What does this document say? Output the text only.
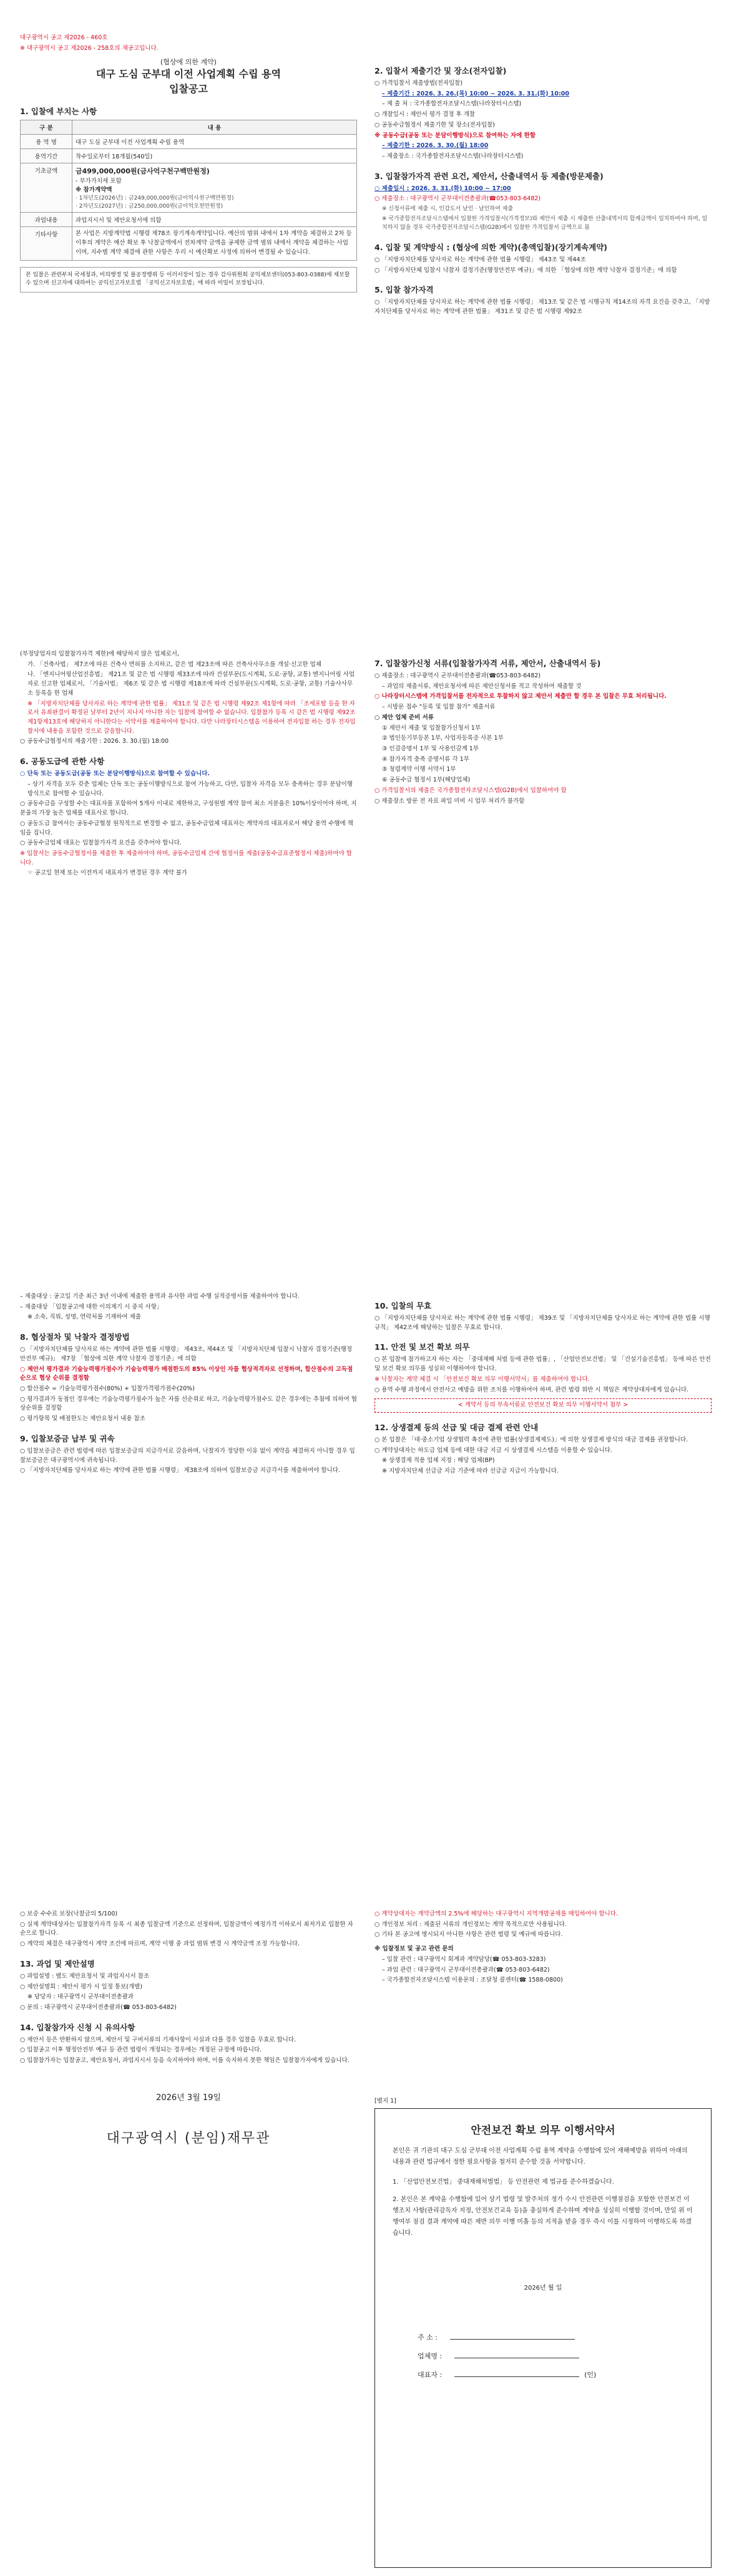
대구광역시 공고 제2026 - 460호
※ 대구광역시 공고 제2026 - 258호의 재공고입니다.
(협상에 의한 계약)
대구 도심 군부대 이전 사업계획 수립 용역
입찰공고
1. 입찰에 부치는 사항
구 분	내 용
용 역 명	대구 도심 군부대 이전 사업계획 수립 용역
용역기간	착수일로부터 18개월(540일)
기초금액	금499,000,000원(금사억구천구백만원정)
- 부가가치세 포함
※ 참가계약액
· 1차년도(2026년) : 금249,000,000원(금이억사천구백만원정)
· 2차년도(2027년) : 금250,000,000원(금이억오천만원정)

과업내용	과업지시서 및 제안요청서에 의함
기타사항	본 사업은 지방계약법 시행령 제78조 장기계속계약입니다. 예산의 범위 내에서 1차 계약을 체결하고 2차 등 이후의 계약은 예산 확보 후 낙찰금액에서 전차계약 금액을 공제한 금액 범위 내에서 계약을 체결하는 사업이며, 지수별 계약 체결에 관한 사항은 우리 시 예산확보 사정에 의하여 변경될 수 있습니다.
본 입찰은 관련부처 국세청과, 비의행정 및 불공정행위 등 이러서장이 있는 경우 감사위원회 공익제보센터(053-803-0388)에 제보할 수 있으며 신고자에 대하여는 공익신고자보호법 「공익신고자보호법」에 따라 비밀이 보장됩니다.
2. 입찰서 제출기간 및 장소(전자입찰)
○ 가격입찰서 제출방법(전자입찰)
– 제출기간 : 2026. 3. 26.(목) 10:00 ~ 2026. 3. 31.(화) 10:00
– 제 출 처 : 국가종합전자조달시스템(나라장터시스템)
○ 개찰일시 : 제안서 평가 결정 후 개찰
○ 공동수급협정서 제출기한 및 장소(전자입찰)
※ 공동수급(공동 또는 분담이행방식)으로 참여하는 자에 한함
– 제출기한 : 2026. 3. 30.(월) 18:00
– 제출장소 : 국가종합전자조달시스템(나라장터시스템)
3. 입찰참가자격 관련 요건, 제안서, 산출내역서 등 제출(방문제출)
○ 제출일시 : 2026. 3. 31.(화) 10:00 ~ 17:00
○ 제출장소 : 대구광역시 군부대이전총괄과(☎053-803-6482)
※ 신청서류에 제출 시, 인감도서 날인 · 날인하여 제출
※ 국가종합전자조달시스템에서 입찰한 가격입찰서(가격정보)와 제안서 제출 시 제출한 산출내역서의 합계금액이 일치하여야 하며, 일치하지 않을 경우 국가종합전자조달시스템(G2B)에서 입찰한 가격입찰서 금액으로 봄
4. 입찰 및 계약방식 : (협상에 의한 계약)(총액입찰)(장기계속계약)
○ 「지방자치단체를 당사자로 하는 계약에 관한 법률 시행령」 제43조 및 제44조
○ 「지방자치단체 입찰시 낙찰자 결정기준(행정안전부 예규)」에 의한 「협상에 의한 계약 낙찰자 결정기준」에 의함
5. 입찰 참가자격
○ 「지방자치단체를 당사자로 하는 계약에 관한 법률 시행령」 제13조 및 같은 법 시행규칙 제14조의 자격 요건을 갖추고, 「지방자치단체를 당사자로 하는 계약에 관한 법률」 제31조 및 같은 법 시행령 제92조
(부정당업자의 입찰참가자격 제한)에 해당하지 않은 업체로서,
가. 「건축사법」 제7조에 따른 건축사 면허를 소지하고, 같은 법 제23조에 따른 건축사사무소를 개설·신고한 업체
나. 「엔지니어링산업진흥법」 제21조 및 같은 법 시행령 제33조에 따라 건설부문(도시계획, 도로·공항, 교통) 엔지니어링 사업자로 신고한 업체로서, 「기술사법」 제6조 및 같은 법 시행령 제18조에 따라 건설부문(도시계획, 도로·공항, 교통) 기술사사무소 등록을 한 업체
※ 「지방자치단체를 당사자로 하는 계약에 관한 법률」 제31조 및 같은 법 시행령 제92조 제1항에 따라 「조세포탈 등을 한 자로서 유죄판결이 확정된 날부터 2년이 지나지 아니한 자는 입찰에 참여할 수 없습니다. 입찰참가 등록 시 같은 법 시행령 제92조 제1항제13호에 해당하지 아니한다는 서약서를 제출하여야 합니다. 다만 나라장터시스템을 이용하여 전자입찰 하는 경우 전자입찰서에 내용을 포함한 것으로 갈음합니다.
○ 공동수급협정서의 제출기한 : 2026. 3. 30.(월) 18:00
6. 공동도급에 관한 사항
○ 단독 또는 공동도급(공동 또는 분담이행방식)으로 참여할 수 있습니다.
– 상기 자격을 모두 갖춘 업체는 단독 또는 공동이행방식으로 참여 가능하고, 다만, 입찰자 자격을 모두 충족하는 경우 분담이행방식으로 참여할 수 있습니다.
○ 공동수급을 구성할 수는 대표자를 포함하여 5개사 이내로 제한하고, 구성원별 계약 참여 최소 지분율은 10%이상이어야 하며, 지분율의 가장 높은 업체를 대표사로 합니다.
○ 공동도급 참여사는 공동수급협정 원칙적으로 변경할 수 없고, 공동수급업체 대표자는 계약자의 대표자로서 해당 용역 수행에 책임을 집니다.
○ 공동수급업체 대표는 입찰참가자격 요건을 갖추어야 합니다.
※ 입찰서는 공동수급협정서를 제출한 후 제출하여야 하며, 공동수급업체 간에 협정서를 제출(공동수급표준협정서 제출)하여야 합니다.
☞ 공고일 현재 또는 이전까지 대표자가 변경된 경우 계약 불가
7. 입찰참가신청 서류(입찰참가자격 서류, 제안서, 산출내역서 등)
○ 제출장소 : 대구광역시 군부대이전총괄과(☎053-803-6482)
– 과업의 제출서류, 제안요청서에 따른 제안신청서를 적고 작성하여 제출할 것
○ 나라장터시스템에 가격입찰서를 전자적으로 투찰하지 않고 제안서 제출만 할 경우 본 입찰은 무효 처리됩니다.
– 시방문 접수 "등록 및 입찰 참가" 제출서류
○ 제안 업체 준비 서류
① 제안서 제출 및 입찰참가신청서 1부
② 법인등기부등본 1부, 사업자등록증 사본 1부
③ 인감증명서 1부 및 사용인감계 1부
④ 참가자격 충족 증명서류 각 1부
⑤ 청렴계약 이행 서약서 1부
⑥ 공동수급 협정서 1부(해당업체)
○ 가격입찰서의 제출은 국가종합전자조달시스템(G2B)에서 입찰하여야 함
○ 제출장소 방문 전 자료 파일 미비 시 업무 처리가 불가함
– 제출대상 : 공고일 기준 최근 3년 이내에 제출한 용역과 유사한 과업 수행 실적증명서를 제출하여야 합니다.
– 제출대상 「입찰공고에 대한 이의제기 시 중지 사항」
※ 소속, 직위, 성명, 연락처를 기재하여 제출
8. 협상절차 및 낙찰자 결정방법
○ 「지방자치단체를 당사자로 하는 계약에 관한 법률 시행령」 제43조, 제44조 및 「지방자치단체 입찰시 낙찰자 결정기준(행정안전부 예규)」 제7장 「협상에 의한 계약 낙찰자 결정기준」에 의함
○ 제안서 평가결과 기술능력평가점수가 기술능력평가 배점한도의 85% 이상인 자를 협상적격자로 선정하며, 합산점수의 고득점순으로 협상 순위를 결정함
○ 합산점수 = 기술능력평가점수(80%) + 입찰가격평가점수(20%)
○ 평가결과가 동점인 경우에는 기술능력평가점수가 높은 자를 선순위로 하고, 기술능력평가점수도 같은 경우에는 추첨에 의하여 협상순위를 결정함
○ 평가항목 및 배점한도는 제안요청서 내용 참조
9. 입찰보증금 납부 및 귀속
○ 입찰보증금은 관련 법령에 따른 입찰보증금의 지급각서로 갈음하며, 낙찰자가 정당한 이유 없이 계약을 체결하지 아니할 경우 입찰보증금은 대구광역시에 귀속됩니다.
○ 「지방자치단체를 당사자로 하는 계약에 관한 법률 시행령」 제38조에 의하여 입찰보증금 지급각서를 제출하여야 합니다.
10. 입찰의 무효
○ 「지방자치단체를 당사자로 하는 계약에 관한 법률 시행령」 제39조 및 「지방자치단체를 당사자로 하는 계약에 관한 법률 시행규칙」 제42조에 해당하는 입찰은 무효로 합니다.
11. 안전 및 보건 확보 의무
○ 본 입찰에 참가하고자 하는 자는 「중대재해 처벌 등에 관한 법률」, 「산업안전보건법」 및 「건설기술진흥법」 등에 따른 안전 및 보건 확보 의무를 성실히 이행하여야 합니다.
※ 낙찰자는 계약 체결 시 「안전보건 확보 의무 이행서약서」를 제출하여야 합니다.
○ 용역 수행 과정에서 안전사고 예방을 위한 조치를 이행하여야 하며, 관련 법령 위반 시 책임은 계약상대자에게 있습니다.
< 계약서 등의 부속서류로 안전보건 확보 의무 이행서약서 첨부 >
12. 상생결제 등의 선급 및 대금 결제 관련 안내
○ 본 입찰은 「대·중소기업 상생협력 촉진에 관한 법률(상생결제제도)」에 의한 상생결제 방식의 대금 결제를 권장합니다.
○ 계약상대자는 하도급 업체 등에 대한 대금 지급 시 상생결제 시스템을 이용할 수 있습니다.
※ 상생결제 적용 업체 지정 : 해당 업체(BP)
※ 지방자치단체 선급금 지급 기준에 따라 선급금 지급이 가능합니다.
○ 보증 수수료 보장(낙찰금의 5/100)
○ 실제 계약대상자는 입찰참가자격 등록 시 최종 입찰금액 기준으로 선정하며, 입찰금액이 예정가격 이하로서 최저가로 입찰한 자 순으로 합니다.
○ 계약의 체결은 대구광역시 계약 조건에 따르며, 계약 이행 중 과업 범위 변경 시 계약금액 조정 가능합니다.
13. 과업 및 제안설명
○ 과업설명 : 별도 제안요청서 및 과업지시서 참조
○ 제안설명회 : 제안서 평가 시 일정 통보(개별)
※ 담당자 : 대구광역시 군부대이전총괄과
○ 문의 : 대구광역시 군부대이전총괄과(☎ 053-803-6482)
14. 입찰참가자 신청 시 유의사항
○ 제안서 등은 반환하지 않으며, 제안서 및 구비서류의 기재사항이 사실과 다를 경우 입찰을 무효로 합니다.
○ 입찰공고 이후 행정안전부 예규 등 관련 법령이 개정되는 경우에는 개정된 규정에 따릅니다.
○ 입찰참가자는 입찰공고, 제안요청서, 과업지시서 등을 숙지하여야 하며, 이를 숙지하지 못한 책임은 입찰참가자에게 있습니다.
2026년 3월 19일
대구광역시 (분임)재무관
○ 계약상대자는 계약금액의 2.5%에 해당하는 대구광역시 지역개발공채를 매입하여야 합니다.
○ 개인정보 처리 : 제출된 서류의 개인정보는 계약 목적으로만 사용됩니다.
○ 기타 본 공고에 명시되지 아니한 사항은 관련 법령 및 예규에 따릅니다.
※ 입찰정보 및 공고 관련 문의
– 입찰 관련 : 대구광역시 회계과 계약담당(☎ 053-803-3283)
– 과업 관련 : 대구광역시 군부대이전총괄과(☎ 053-803-6482)
– 국가종합전자조달시스템 이용문의 : 조달청 콜센터(☎ 1588-0800)
[별지 1]
안전보건 확보 의무 이행서약서
본인은 귀 기관의 대구 도심 군부대 이전 사업계획 수립 용역 계약을 수행함에 있어 재해예방을 위하여 아래의 내용과 관련 법규에서 정한 필요사항을 철저히 준수할 것을 서약합니다.
1. 「산업안전보건법」 중대재해처벌법」 등 안전관련 제 법규를 준수하겠습니다.
2. 본인은 본 계약을 수행함에 있어 상기 법령 및 발주처의 정가 수시 안전관련 이행점검을 포함한 안전보건 이행조치 사항(관리감독자 지정, 안전보건교육 등)을 충실하게 준수하며 계약을 성실히 이행할 것이며, 만일 위 이행여부 점검 결과 계약에 따른 제반 의무 이행 미흡 등의 지적을 받을 경우 즉시 이를 시정하여 이행하도록 하겠습니다.
2026년 월 일
주 소 :
업체명 :
대표자 :	(인)
